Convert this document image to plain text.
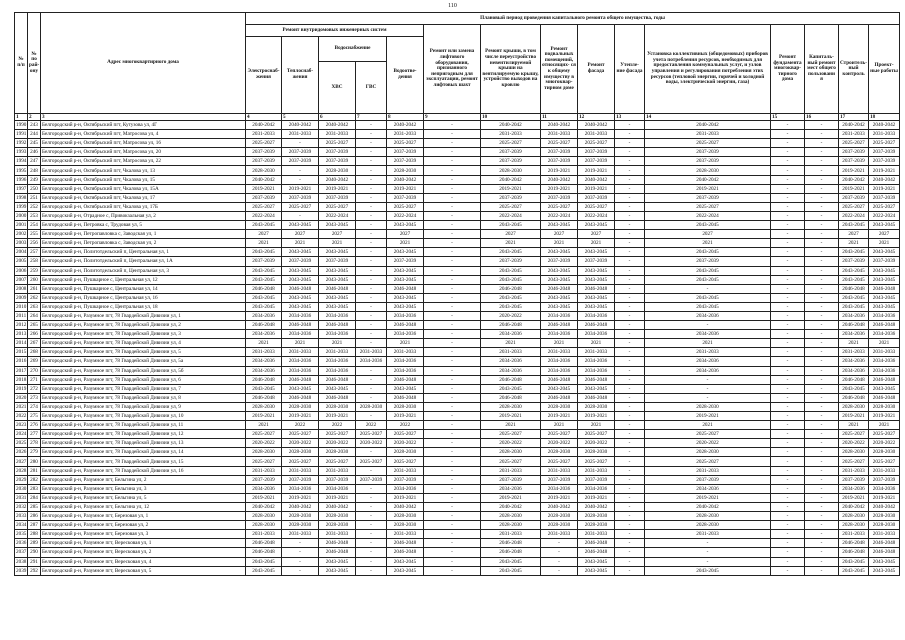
110
№ п/п	№ по рай- ону	Адрес многоквартирного дома	Плановый период проведения капитального ремонта общего имущества, годы														
			Ремонт внутридомовых инженерных систем					Ремонт или замена лифтового оборудования, признанного непригодным для эксплуатации, ремонт лифтовых шахт	Ремонт крыши, в том числе переустройство невентилируемой крыши на вентилируемую крышу, устройство выходов на кровлю	Ремонт подвальных помещений, относящих- ся к общему имуществу в многоквар- тирном доме	Ремонт фасада	Утепле- ние фасада	Установка коллективных (общедомовых) приборов учета потребления ресурсов, необходимых для предоставления коммунальных услуг, и узлов управления и регулирования потребления этих ресурсов (тепловой энергии, горячей и холодной воды, электрической энергии, газа)	Ремонт фундамента многоквар- тирного дома	Капиталь- ный ремонт мест общего пользовани я	Строитель- ный контроль	Проект- ные работы
			Электроснаб- жения	Теплоснаб- жения	Водоснабжение		Водоотве- дения										
					ХВС	ГВС											
1	2	3	4	5	6	7	8	9	10	11	12	13	14	15	16	17	18
1990	243	Белгородский р-н, Октябрьский пгт, Кутузова ул, 4Г	2040-2042	2040-2042	2040-2042	-	2040-2042	-	2040-2042	2040-2042	2040-2042	-	2040-2042	-	-	2040-2042	2040-2042
1991	244	Белгородский р-н, Октябрьский пгт, Матросова ул, 4	2031-2033	2031-2033	2031-2033	-	2031-2033	-	2031-2033	2031-2033	2031-2033	-	2031-2033	-	-	2031-2033	2031-2033
1992	245	Белгородский р-н, Октябрьский пгт, Матросова ул, 16	2025-2027	-	2025-2027	-	2025-2027	-	2025-2027	2025-2027	2025-2027	-	2025-2027	-	-	2025-2027	2025-2027
1993	246	Белгородский р-н, Октябрьский пгт, Матросова ул, 20	2037-2039	2037-2039	2037-2039	-	2037-2039	-	2037-2039	2037-2039	2037-2039	-	2037-2039	-	-	2037-2039	2037-2039
1994	247	Белгородский р-н, Октябрьский пгт, Матросова ул, 22	2037-2039	2037-2039	2037-2039	-	2037-2039	-	2037-2039	2037-2039	2037-2039	-	2037-2039	-	-	2037-2039	2037-2039
1995	248	Белгородский р-н, Октябрьский пгт, Чкалова ул, 13	2028-2030	-	2028-2030	-	2028-2030	-	2028-2030	2019-2021	2019-2021	-	2028-2030	-	-	2019-2021	2019-2021
1996	249	Белгородский р-н, Октябрьский пгт, Чкалова ул, 15	2040-2042	-	2040-2042	-	2040-2042	-	2040-2042	2040-2042	2040-2042	-	2040-2042	-	-	2040-2042	2040-2042
1997	250	Белгородский р-н, Октябрьский пгт, Чкалова ул, 15А	2019-2021	2019-2021	2019-2021	-	2019-2021	-	2019-2021	2019-2021	2019-2021	-	2019-2021	-	-	2019-2021	2019-2021
1998	251	Белгородский р-н, Октябрьский пгт, Чкалова ул, 17	2037-2039	2037-2039	2037-2039	-	2037-2039	-	2037-2039	2037-2039	2037-2039	-	2037-2039	-	-	2037-2039	2037-2039
1999	252	Белгородский р-н, Октябрьский пгт, Чкалова ул, 17Б	2025-2027	2025-2027	2025-2027	-	2025-2027	-	2025-2027	2025-2027	2025-2027	-	2025-2027	-	-	2025-2027	2025-2027
2000	253	Белгородский р-н, Отрадное с, Привокзальная ул, 2	2022-2024	-	2022-2024	-	2022-2024	-	2022-2024	2022-2024	2022-2024	-	2022-2024	-	-	2022-2024	2022-2024
2001	254	Белгородский р-н, Петровка с, Трудовая ул, 5	2043-2045	2043-2045	2043-2045	-	2043-2045	-	2043-2045	2043-2045	2043-2045	-	2043-2045	-	-	2043-2045	2043-2045
2002	255	Белгородский р-н, Петропавловка с, Заводская ул, 1	2027	2027	2027	-	2027	-	2027	2027	2027	-	2027	-	-	2027	2027
2003	256	Белгородский р-н, Петропавловка с, Заводская ул, 2	2021	2021	2021	-	2021	-	2021	2021	2021	-	2021	-	-	2021	2021
2004	257	Белгородский р-н, Политотдельский п, Центральная ул, 1	2043-2045	2043-2045	2043-2045	-	2043-2045	-	2043-2045	2043-2045	2043-2045	-	2043-2045	-	-	2043-2045	2043-2045
2005	258	Белгородский р-н, Политотдельский п, Центральная ул, 1А	2037-2039	2037-2039	2037-2039	-	2037-2039	-	2037-2039	2037-2039	2037-2039	-	2037-2039	-	-	2037-2039	2037-2039
2006	259	Белгородский р-н, Политотдельский п, Центральная ул, 3	2043-2045	2043-2045	2043-2045	-	2043-2045	-	2043-2045	2043-2045	2043-2045	-	2043-2045	-	-	2043-2045	2043-2045
2007	260	Белгородский р-н, Пушкарное с, Центральная ул, 12	2043-2045	2043-2045	2043-2045	-	2043-2045	-	2043-2045	2043-2045	2043-2045	-	2043-2045	-	-	2043-2045	2043-2045
2008	261	Белгородский р-н, Пушкарное с, Центральная ул, 14	2046-2048	2046-2048	2046-2048	-	2046-2048	-	2046-2048	2046-2048	2046-2048	-	-	-	-	2046-2048	2046-2048
2009	262	Белгородский р-н, Пушкарное с, Центральная ул, 16	2043-2045	2043-2045	2043-2045	-	2043-2045	-	2043-2045	2043-2045	2043-2045	-	2043-2045	-	-	2043-2045	2043-2045
2010	263	Белгородский р-н, Пушкарное с, Центральная ул, 18	2043-2045	2043-2045	2043-2045	-	2043-2045	-	2043-2045	2043-2045	2043-2045	-	2043-2045	-	-	2043-2045	2043-2045
2011	264	Белгородский р-н, Разумное пгт, 78 Гвардейской Дивизии ул, 1	2034-2036	2034-2036	2034-2036	-	2034-2036	-	2020-2022	2034-2036	2034-2036	-	2034-2036	-	-	2034-2036	2034-2036
2012	265	Белгородский р-н, Разумное пгт, 78 Гвардейской Дивизии ул, 2	2046-2048	2046-2048	2046-2048	-	2046-2048	-	2046-2048	2046-2048	2046-2048	-	-	-	-	2046-2048	2046-2048
2013	266	Белгородский р-н, Разумное пгт, 78 Гвардейской Дивизии ул, 3	2034-2036	2034-2036	2034-2036	-	2034-2036	-	2034-2036	2034-2036	2034-2036	-	2034-2036	-	-	2034-2036	2034-2036
2014	267	Белгородский р-н, Разумное пгт, 78 Гвардейской Дивизии ул, 4	2021	2021	2021	-	2021	-	2021	2021	2021	-	2021	-	-	2021	2021
2015	268	Белгородский р-н, Разумное пгт, 78 Гвардейской Дивизии ул, 5	2031-2033	2031-2033	2031-2033	2031-2033	2031-2033	-	2031-2033	2031-2033	2031-2033	-	2031-2033	-	-	2031-2033	2031-2033
2016	269	Белгородский р-н, Разумное пгт, 78 Гвардейской Дивизии ул, 5а	2034-2036	2034-2036	2034-2036	2034-2036	2034-2036	-	2034-2036	2034-2036	2034-2036	-	2034-2036	-	-	2034-2036	2034-2036
2017	270	Белгородский р-н, Разумное пгт, 78 Гвардейской Дивизии ул, 5б	2034-2036	2034-2036	2034-2036	-	2034-2036	-	2034-2036	2034-2036	2034-2036	-	2034-2036	-	-	2034-2036	2034-2036
2018	271	Белгородский р-н, Разумное пгт, 78 Гвардейской Дивизии ул, 6	2046-2048	2046-2048	2046-2048	-	2046-2048	-	2046-2048	2046-2048	2046-2048	-	-	-	-	2046-2048	2046-2048
2019	272	Белгородский р-н, Разумное пгт, 78 Гвардейской Дивизии ул, 7	2043-2045	2043-2045	2043-2045	-	2043-2045	-	2043-2045	2043-2045	2043-2045	-	-	-	-	2043-2045	2043-2045
2020	273	Белгородский р-н, Разумное пгт, 78 Гвардейской Дивизии ул, 8	2046-2048	2046-2048	2046-2048	-	2046-2048	-	2046-2048	2046-2048	2046-2048	-	-	-	-	2046-2048	2046-2048
2021	274	Белгородский р-н, Разумное пгт, 78 Гвардейской Дивизии ул, 9	2028-2030	2028-2030	2028-2030	2028-2030	2028-2030	-	2028-2030	2028-2030	2028-2030	-	2028-2030	-	-	2028-2030	2028-2030
2022	275	Белгородский р-н, Разумное пгт, 78 Гвардейской Дивизии ул, 10	2019-2021	2019-2021	2019-2021	-	2019-2021	-	2019-2021	2019-2021	2019-2021	-	2019-2021	-	-	2019-2021	2019-2021
2023	276	Белгородский р-н, Разумное пгт, 78 Гвардейской Дивизии ул, 11	2021	2022	2022	2022	2022	-	2021	2021	2021	-	2021	-	-	2021	2021
2024	277	Белгородский р-н, Разумное пгт, 78 Гвардейской Дивизии ул, 12	2025-2027	2025-2027	2025-2027	2025-2027	2025-2027	-	2025-2027	2025-2027	2025-2027	-	2025-2027	-	-	2025-2027	2025-2027
2025	278	Белгородский р-н, Разумное пгт, 78 Гвардейской Дивизии ул, 13	2020-2022	2020-2022	2020-2022	2020-2022	2020-2022	-	2020-2022	2020-2022	2020-2022	-	2020-2022	-	-	2020-2022	2020-2022
2026	279	Белгородский р-н, Разумное пгт, 78 Гвардейской Дивизии ул, 14	2028-2030	2028-2030	2028-2030	-	2028-2030	-	2028-2030	2028-2030	2028-2030	-	2028-2030	-	-	2028-2030	2028-2030
2027	280	Белгородский р-н, Разумное пгт, 78 Гвардейской Дивизии ул, 15	2025-2027	2025-2027	2025-2027	2025-2027	2025-2027	-	2025-2027	2025-2027	2025-2027	-	2025-2027	-	-	2025-2027	2025-2027
2028	281	Белгородский р-н, Разумное пгт, 78 Гвардейской Дивизии ул, 16	2031-2033	2031-2033	2031-2033	-	2031-2033	-	2031-2033	2031-2033	2031-2033	-	2031-2033	-	-	2031-2033	2031-2033
2029	282	Белгородский р-н, Разумное пгт, Бельгина ул, 2	2037-2039	2037-2039	2037-2039	2037-2039	2037-2039	-	2037-2039	2037-2039	2037-2039	-	2037-2039	-	-	2037-2039	2037-2039
2030	283	Белгородский р-н, Разумное пгт, Бельгина ул, 3	2034-2036	2034-2036	2034-2036	-	2034-2036	-	2034-2036	2034-2036	2034-2036	-	2034-2036	-	-	2034-2036	2034-2036
2031	284	Белгородский р-н, Разумное пгт, Бельгина ул, 5	2019-2021	2019-2021	2019-2021	-	2019-2021	-	2019-2021	2019-2021	2019-2021	-	2019-2021	-	-	2019-2021	2019-2021
2032	285	Белгородский р-н, Разумное пгт, Бельгина ул, 12	2040-2042	2040-2042	2040-2042	-	2040-2042	-	2040-2042	2040-2042	2040-2042	-	2040-2042	-	-	2040-2042	2040-2042
2033	286	Белгородский р-н, Разумное пгт, Березовая ул, 1	2028-2030	2028-2030	2028-2030	-	2028-2030	-	2028-2030	2028-2030	2028-2030	-	2028-2030	-	-	2028-2030	2028-2030
2034	287	Белгородский р-н, Разумное пгт, Березовая ул, 2	2028-2030	2028-2030	2028-2030	-	2028-2030	-	2028-2030	2028-2030	2028-2030	-	2028-2030	-	-	2028-2030	2028-2030
2035	288	Белгородский р-н, Разумное пгт, Березовая ул, 3	2031-2033	2031-2033	2031-2033	-	2031-2033	-	2031-2033	2031-2033	2031-2033	-	2031-2033	-	-	2031-2033	2031-2033
2036	289	Белгородский р-н, Разумное пгт, Вересковая ул, 1	2046-2048	-	2046-2048	-	2046-2048	-	2046-2048	-	2046-2048	-	-	-	-	2046-2048	2046-2048
2037	290	Белгородский р-н, Разумное пгт, Вересковая ул, 2	2046-2048	-	2046-2048	-	2046-2048	-	2046-2048	-	2046-2048	-	-	-	-	2046-2048	2046-2048
2038	291	Белгородский р-н, Разумное пгт, Вересковая ул, 4	2043-2045	-	2043-2045	-	2043-2045	-	2043-2045	-	2043-2045	-	-	-	-	2043-2045	2043-2045
2039	292	Белгородский р-н, Разумное пгт, Вересковая ул, 5	2043-2045	-	2043-2045	-	2043-2045	-	2043-2045	-	2043-2045	-	2043-2045	-	-	2043-2045	2043-2045
